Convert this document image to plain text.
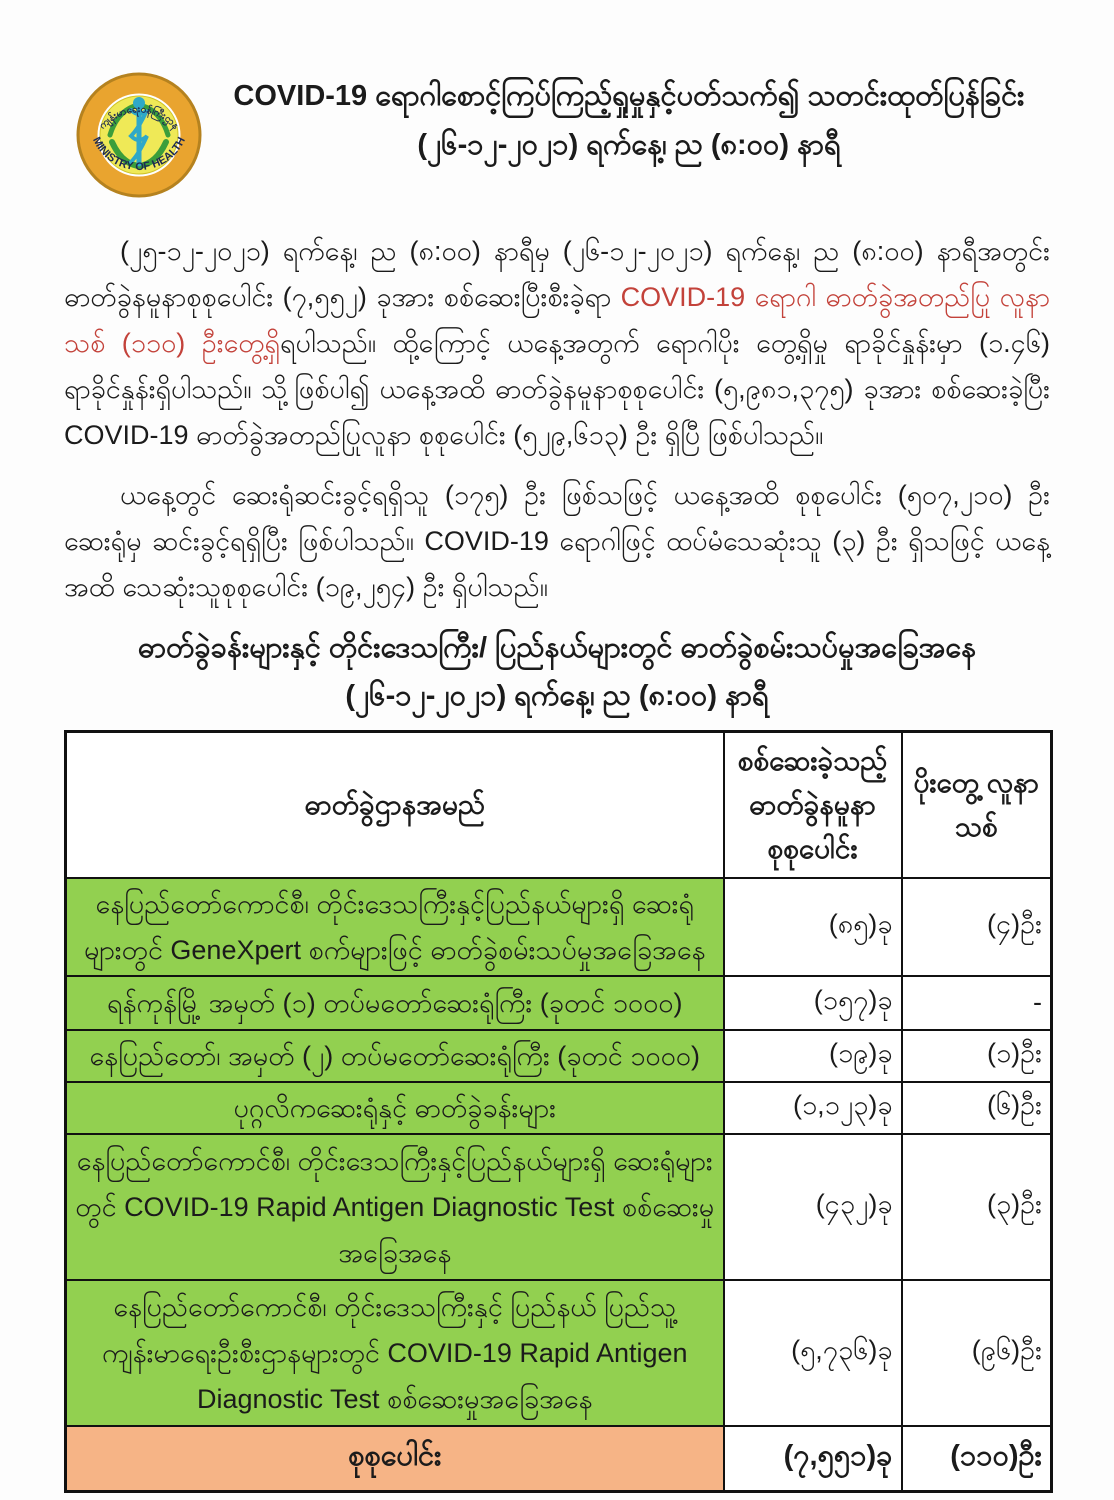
ကျန်းမာရေးဝန်ကြီးဌာန
MINISTRY OF HEALTH
COVID-19 ရောဂါစောင့်ကြပ်ကြည့်ရှုမှုနှင့်ပတ်သက်၍ သတင်းထုတ်ပြန်ခြင်း
(၂၆-၁၂-၂၀၂၁) ရက်နေ့၊ ည (၈:၀၀) နာရီ

(၂၅-၁၂-၂၀၂၁) ရက်နေ့၊ ည (၈:၀၀) နာရီမှ (၂၆-၁၂-၂၀၂၁) ရက်နေ့၊ ည (၈:၀၀) နာရီအတွင်း ဓာတ်ခွဲနမူနာစုစုပေါင်း (၇,၅၅၂) ခုအား စစ်ဆေးပြီးစီးခဲ့ရာ COVID-19 ရောဂါ ဓာတ်ခွဲအတည်ပြု လူနာသစ် (၁၁၀) ဦးတွေ့ရှိရပါသည်။ ထို့ကြောင့် ယနေ့အတွက် ရောဂါပိုး တွေ့ရှိမှု ရာခိုင်နှုန်းမှာ (၁.၄၆) ရာခိုင်နှုန်းရှိပါသည်။ သို့ဖြစ်ပါ၍ ယနေ့အထိ ဓာတ်ခွဲနမူနာစုစုပေါင်း (၅,၉၈၁,၃၇၅) ခုအား စစ်ဆေးခဲ့ပြီး COVID-19 ဓာတ်ခွဲအတည်ပြုလူနာ စုစုပေါင်း (၅၂၉,၆၁၃) ဦး ရှိပြီ ဖြစ်ပါသည်။

ယနေ့တွင် ဆေးရုံဆင်းခွင့်ရရှိသူ (၁၇၅) ဦး ဖြစ်သဖြင့် ယနေ့အထိ စုစုပေါင်း (၅၀၇,၂၁၀) ဦး ဆေးရုံမှ ဆင်းခွင့်ရရှိပြီး ဖြစ်ပါသည်။ COVID-19 ရောဂါဖြင့် ထပ်မံသေဆုံးသူ (၃) ဦး ရှိသဖြင့် ယနေ့ အထိ သေဆုံးသူစုစုပေါင်း (၁၉,၂၅၄) ဦး ရှိပါသည်။

ဓာတ်ခွဲခန်းများနှင့် တိုင်းဒေသကြီး/ ပြည်နယ်များတွင် ဓာတ်ခွဲစမ်းသပ်မှုအခြေအနေ
(၂၆-၁၂-၂၀၂၁) ရက်နေ့၊ ည (၈:၀၀) နာရီ
ဓာတ်ခွဲဌာနအမည်	စစ်ဆေးခဲ့သည့် ဓာတ်ခွဲနမူနာ စုစုပေါင်း	ပိုးတွေ့ လူနာသစ်
နေပြည်တော်ကောင်စီ၊ တိုင်းဒေသကြီးနှင့်ပြည်နယ်များရှိ ဆေးရုံ များတွင် GeneXpert စက်များဖြင့် ဓာတ်ခွဲစမ်းသပ်မှုအခြေအနေ	(၈၅)ခု	(၄)ဦး
ရန်ကုန်မြို့ အမှတ် (၁) တပ်မတော်ဆေးရုံကြီး (ခုတင် ၁၀၀၀)	(၁၅၇)ခု	-
နေပြည်တော်၊ အမှတ် (၂) တပ်မတော်ဆေးရုံကြီး (ခုတင် ၁၀၀၀)	(၁၉)ခု	(၁)ဦး
ပုဂ္ဂလိကဆေးရုံနှင့် ဓာတ်ခွဲခန်းများ	(၁,၁၂၃)ခု	(၆)ဦး
နေပြည်တော်ကောင်စီ၊ တိုင်းဒေသကြီးနှင့်ပြည်နယ်များရှိ ဆေးရုံများတွင် COVID-19 Rapid Antigen Diagnostic Test စစ်ဆေးမှုအခြေအနေ	(၄၃၂)ခု	(၃)ဦး
နေပြည်တော်ကောင်စီ၊ တိုင်းဒေသကြီးနှင့် ပြည်နယ် ပြည်သူ့ကျန်းမာရေးဦးစီးဌာနများတွင် COVID-19 Rapid Antigen Diagnostic Test စစ်ဆေးမှုအခြေအနေ	(၅,၇၃၆)ခု	(၉၆)ဦး
စုစုပေါင်း	(၇,၅၅၁)ခု	(၁၁၀)ဦး
